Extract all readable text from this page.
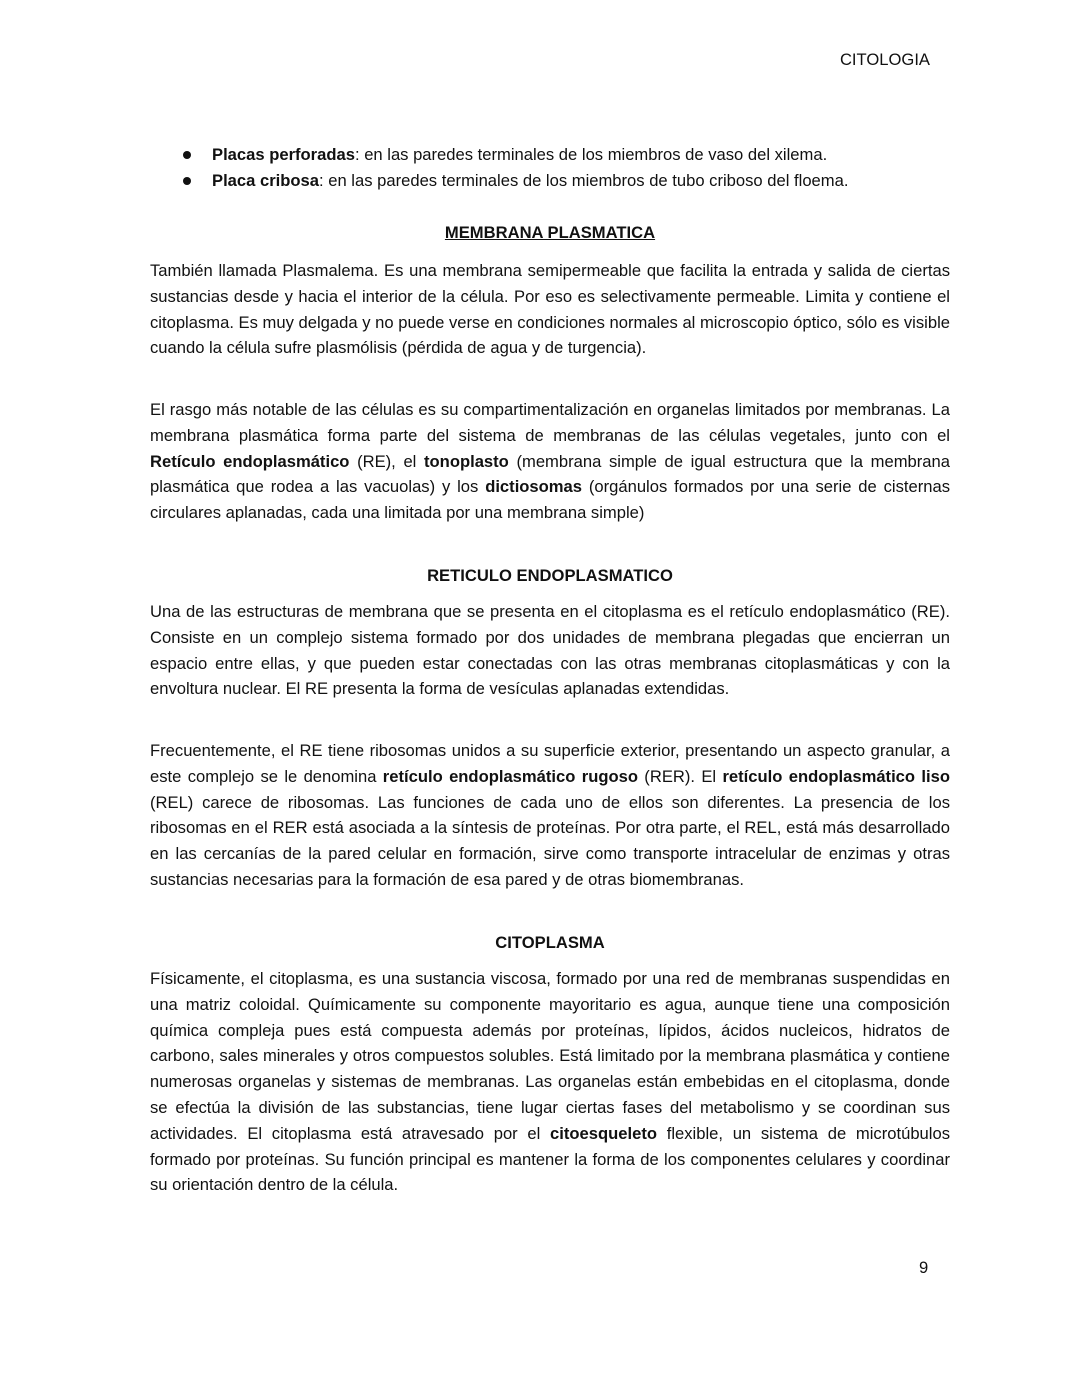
CITOLOGIA
Placas perforadas: en las paredes terminales de los miembros de vaso del xilema.
Placa cribosa: en las paredes terminales de los miembros de tubo criboso del floema.
MEMBRANA PLASMATICA

También llamada Plasmalema. Es una membrana semipermeable que facilita la entrada y salida de ciertas sustancias desde y hacia el interior de la célula. Por eso es selectivamente permeable. Limita y contiene el citoplasma. Es muy delgada y no puede verse en condiciones normales al microscopio óptico, sólo es visible cuando la célula sufre plasmólisis (pérdida de agua y de turgencia).

El rasgo más notable de las células es su compartimentalización en organelas limitados por membranas. La membrana plasmática forma parte del sistema de membranas de las células vegetales, junto con el Retículo endoplasmático (RE), el tonoplasto (membrana simple de igual estructura que la membrana plasmática que rodea a las vacuolas) y los dictiosomas (orgánulos formados por una serie de cisternas circulares aplanadas, cada una limitada por una membrana simple)

RETICULO ENDOPLASMATICO

Una de las estructuras de membrana que se presenta en el citoplasma es el retículo endoplasmático (RE). Consiste en un complejo sistema formado por dos unidades de membrana plegadas que encierran un espacio entre ellas, y que pueden estar conectadas con las otras membranas citoplasmáticas y con la envoltura nuclear. El RE presenta la forma de vesículas aplanadas extendidas.

Frecuentemente, el RE tiene ribosomas unidos a su superficie exterior, presentando un aspecto granular, a este complejo se le denomina retículo endoplasmático rugoso (RER). El retículo endoplasmático liso (REL) carece de ribosomas. Las funciones de cada uno de ellos son diferentes. La presencia de los ribosomas en el RER está asociada a la síntesis de proteínas. Por otra parte, el REL, está más desarrollado en las cercanías de la pared celular en formación, sirve como transporte intracelular de enzimas y otras sustancias necesarias para la formación de esa pared y de otras biomembranas.

CITOPLASMA

Físicamente, el citoplasma, es una sustancia viscosa, formado por una red de membranas suspendidas en una matriz coloidal. Químicamente su componente mayoritario es agua, aunque tiene una composición química compleja pues está compuesta además por proteínas, lípidos, ácidos nucleicos, hidratos de carbono, sales minerales y otros compuestos solubles. Está limitado por la membrana plasmática y contiene numerosas organelas y sistemas de membranas. Las organelas están embebidas en el citoplasma, donde se efectúa la división de las substancias, tiene lugar ciertas fases del metabolismo y se coordinan sus actividades. El citoplasma está atravesado por el citoesqueleto flexible, un sistema de microtúbulos formado por proteínas. Su función principal es mantener la forma de los componentes celulares y coordinar su orientación dentro de la célula.

9
